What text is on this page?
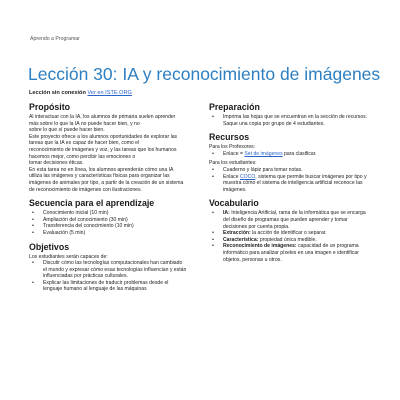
Aprendo a Programar
Lección 30: IA y reconocimiento de imágenes
Lección sin conexión Ver en ISTE.ORG
Propósito
Al interactuar con la IA, los alumnos de primaria suelen aprender
más sobre lo que la IA no puede hacer bien, y no
sobre lo que sí puede hacer bien.
Este proyecto ofrece a los alumnos oportunidades de explorar las
tareas que la IA es capaz de hacer bien, como el
reconocimiento de imágenes y voz, y las tareas que los humanos
hacemos mejor, como percibir las emociones o
tomar decisiones éticas.
En esta tarea no en línea, los alumnos aprenderán cómo una IA
utiliza las imágenes y características físicas para organizar las
imágenes de animales por tipo, a partir de la creación de un sistema
de reconocimiento de imágenes con ilustraciones.
Secuencia para el aprendizaje
• Conocimiento inicial (10 min)
• Ampliación del conocimiento (30 min)
• Transferencia del conocimiento (10 min)
• Evaluación (5 min)
Objetivos
Los estudiantes serán capaces de:
• Discutir cómo las tecnologías computacionales han cambiado
el mundo y expresar cómo esas tecnologías influencian y están
influenciadas por prácticas culturales.
• Explicar las limitaciones de traducir problemas desde el
lenguaje humano al lenguaje de las máquinas
Preparación
• Imprima las hojas que se encuentran en la sección de recursos.
Saque una copia por grupo de 4 estudiantes.
Recursos
Para los Profesores:
• Enlace = Set de imágenes para clasificar.
Para los estudiantes:
• Cuaderno y lápiz para tomar notas.
• Enlace COCO, sistema que permite buscar imágenes por tipo y
muestra cómo el sistema de inteligencia artificial reconoce las
imágenes.
Vocabulario
• IA: Inteligencia Artificial, rama de la informática que se encarga
del diseño de programas que pueden aprender y tomar
decisiones por cuenta propia.
• Extracción: la acción de identificar o separar.
• Característica: propiedad única medible.
• Reconocimiento de imágenes: capacidad de un programa
informático para analizar píxeles en una imagen e identificar
objetos, personas u otros.
